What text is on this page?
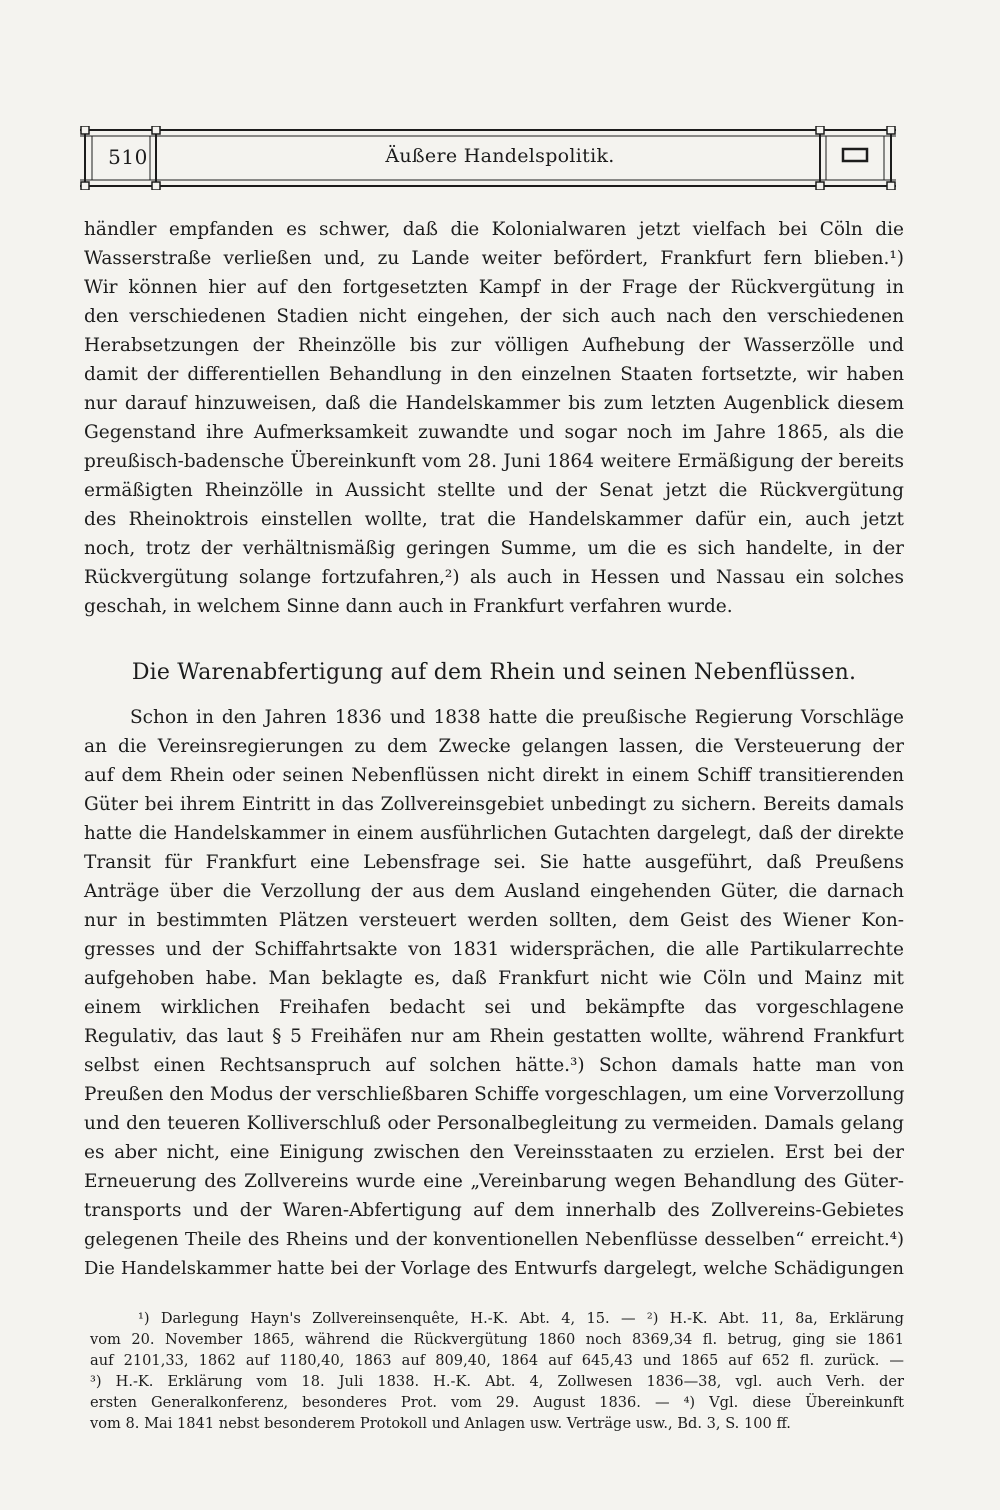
510	Äußere Handelspolitik.
händler empfanden es schwer, daß die Kolonialwaren jetzt vielfach bei Cöln die
Wasserstraße verließen und, zu Lande weiter befördert, Frankfurt fern blieben.¹)
Wir können hier auf den fortgesetzten Kampf in der Frage der Rückvergütung in
den verschiedenen Stadien nicht eingehen, der sich auch nach den verschiedenen
Herabsetzungen der Rheinzölle bis zur völligen Aufhebung der Wasserzölle und
damit der differentiellen Behandlung in den einzelnen Staaten fortsetzte, wir haben
nur darauf hinzuweisen, daß die Handelskammer bis zum letzten Augenblick diesem
Gegenstand ihre Aufmerksamkeit zuwandte und sogar noch im Jahre 1865, als die
preußisch-badensche Übereinkunft vom 28. Juni 1864 weitere Ermäßigung der bereits
ermäßigten Rheinzölle in Aussicht stellte und der Senat jetzt die Rückvergütung
des Rheinoktrois einstellen wollte, trat die Handelskammer dafür ein, auch jetzt
noch, trotz der verhältnismäßig geringen Summe, um die es sich handelte, in der
Rückvergütung solange fortzufahren,²) als auch in Hessen und Nassau ein solches
geschah, in welchem Sinne dann auch in Frankfurt verfahren wurde.
Die Warenabfertigung auf dem Rhein und seinen Nebenflüssen.
Schon in den Jahren 1836 und 1838 hatte die preußische Regierung Vorschläge
an die Vereinsregierungen zu dem Zwecke gelangen lassen, die Versteuerung der
auf dem Rhein oder seinen Nebenflüssen nicht direkt in einem Schiff transitierenden
Güter bei ihrem Eintritt in das Zollvereinsgebiet unbedingt zu sichern. Bereits damals
hatte die Handelskammer in einem ausführlichen Gutachten dargelegt, daß der direkte
Transit für Frankfurt eine Lebensfrage sei. Sie hatte ausgeführt, daß Preußens
Anträge über die Verzollung der aus dem Ausland eingehenden Güter, die darnach
nur in bestimmten Plätzen versteuert werden sollten, dem Geist des Wiener Kon-
gresses und der Schiffahrtsakte von 1831 widersprächen, die alle Partikularrechte
aufgehoben habe. Man beklagte es, daß Frankfurt nicht wie Cöln und Mainz mit
einem wirklichen Freihafen bedacht sei und bekämpfte das vorgeschlagene
Regulativ, das laut § 5 Freihäfen nur am Rhein gestatten wollte, während Frankfurt
selbst einen Rechtsanspruch auf solchen hätte.³) Schon damals hatte man von
Preußen den Modus der verschließbaren Schiffe vorgeschlagen, um eine Vorverzollung
und den teueren Kolliverschluß oder Personalbegleitung zu vermeiden. Damals gelang
es aber nicht, eine Einigung zwischen den Vereinsstaaten zu erzielen. Erst bei der
Erneuerung des Zollvereins wurde eine „Vereinbarung wegen Behandlung des Güter-
transports und der Waren-Abfertigung auf dem innerhalb des Zollvereins-Gebietes
gelegenen Theile des Rheins und der konventionellen Nebenflüsse desselben“ erreicht.⁴)
Die Handelskammer hatte bei der Vorlage des Entwurfs dargelegt, welche Schädigungen
¹) Darlegung Hayn's Zollvereinsenquête, H.-K. Abt. 4, 15. — ²) H.-K. Abt. 11, 8a, Erklärung
vom 20. November 1865, während die Rückvergütung 1860 noch 8369,34 fl. betrug, ging sie 1861
auf 2101,33, 1862 auf 1180,40, 1863 auf 809,40, 1864 auf 645,43 und 1865 auf 652 fl. zurück. —
³) H.-K. Erklärung vom 18. Juli 1838. H.-K. Abt. 4, Zollwesen 1836—38, vgl. auch Verh. der
ersten Generalkonferenz, besonderes Prot. vom 29. August 1836. — ⁴) Vgl. diese Übereinkunft
vom 8. Mai 1841 nebst besonderem Protokoll und Anlagen usw. Verträge usw., Bd. 3, S. 100 ff.
